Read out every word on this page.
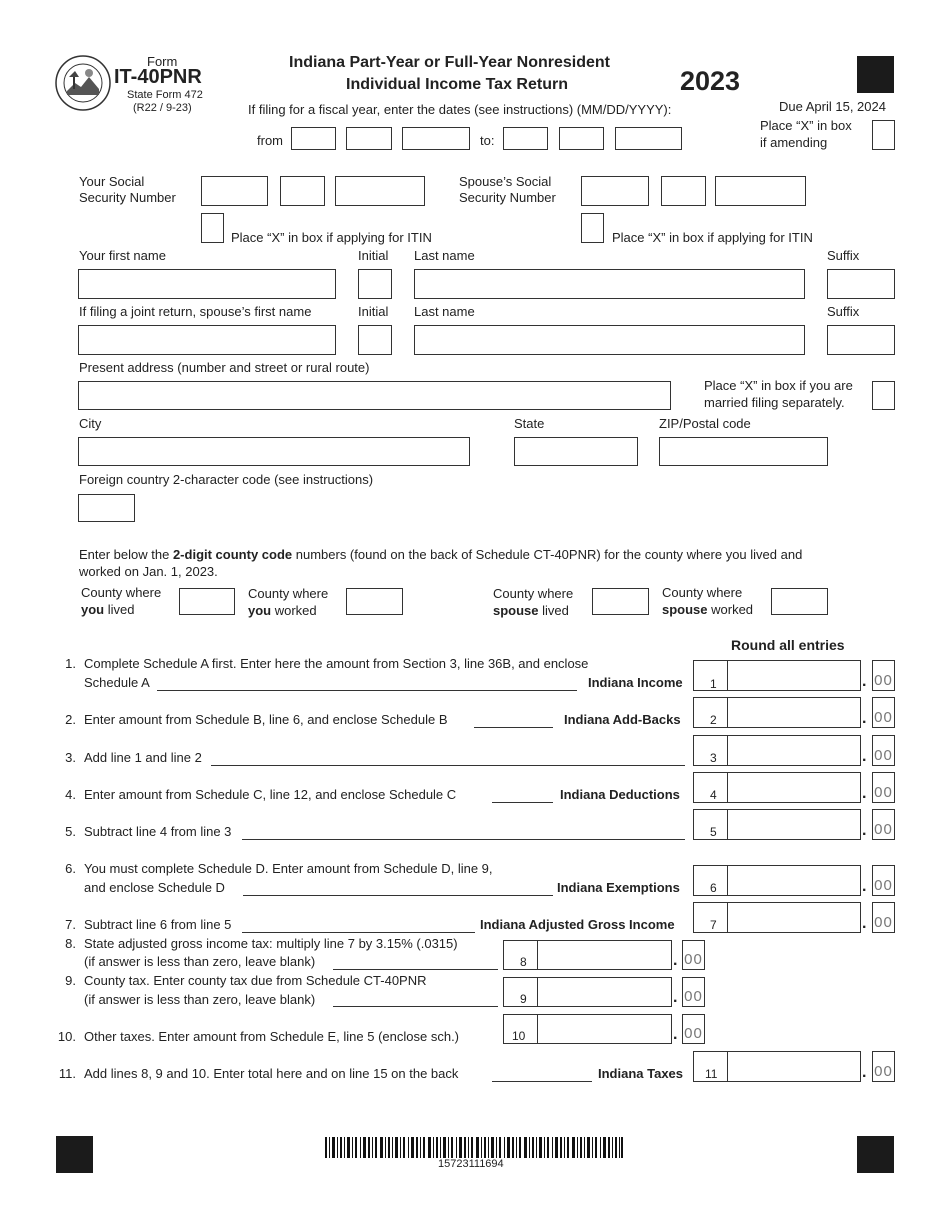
Form
IT-40PNR
State Form 472
(R22 / 9-23)
Indiana Part-Year or Full-Year Nonresident
Individual Income Tax Return	2023
If filing for a fiscal year, enter the dates (see instructions) (MM/DD/YYYY):	Due April 15, 2024
from	to:
Place “X” in box
if amending
Your Social
Security Number
Spouse’s Social
Security Number
Place “X” in box if applying for ITIN	Place “X” in box if applying for ITIN
Your first name	Initial Last name	Suffix
If filing a joint return, spouse’s first name	Initial Last name	Suffix
Present address (number and street or rural route)
Place “X” in box if you are
married filing separately.
City	State	ZIP/Postal code
Foreign country 2-character code (see instructions)
Enter below the 2-digit county code numbers (found on the back of Schedule CT-40PNR) for the county where you lived and
worked on Jan. 1, 2023.
County where
you lived
County where
you worked
County where
spouse lived
County where
spouse worked
Round all entries
1. Complete Schedule A first. Enter here the amount from Section 3, line 36B, and enclose
Schedule A	Indiana Income 1	. 00
2. Enter amount from Schedule B, line 6, and enclose Schedule B	Indiana Add-Backs 2	. 00
3. Add line 1 and line 2	3	. 00
4. Enter amount from Schedule C, line 12, and enclose Schedule C	Indiana Deductions	4	. 00
5. Subtract line 4 from line 3	5	. 00
6. You must complete Schedule D. Enter amount from Schedule D, line 9,
and enclose Schedule D	Indiana Exemptions	6	. 00
7. Subtract line 6 from line 5	Indiana Adjusted Gross Income	7	. 00
8. State adjusted gross income tax: multiply line 7 by 3.15% (.0315)
(if answer is less than zero, leave blank)	8	. 00
9. County tax. Enter county tax due from Schedule CT-40PNR
(if answer is less than zero, leave blank)	9	. 00
10. Other taxes. Enter amount from Schedule E, line 5 (enclose sch.)	10	. 00
11. Add lines 8, 9 and 10. Enter total here and on line 15 on the back	Indiana Taxes 11	. 00
15723111694
